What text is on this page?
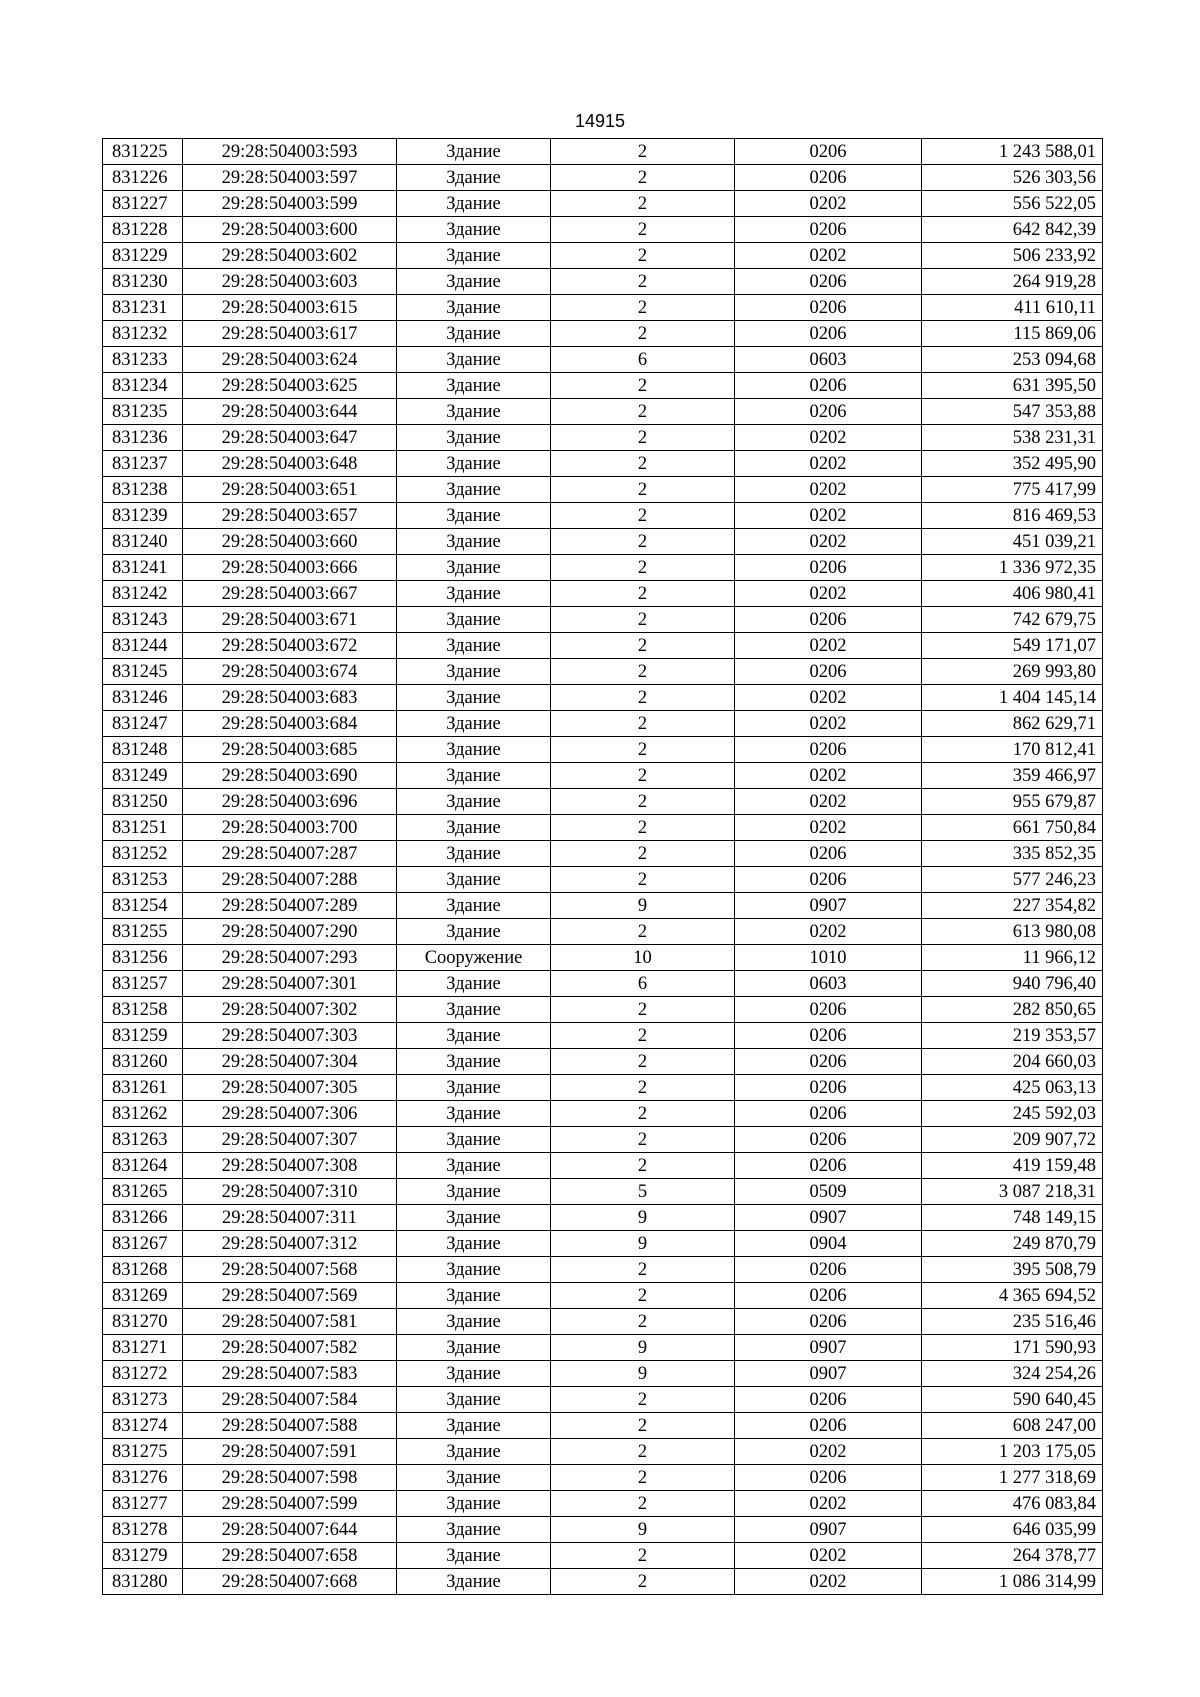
14915
831225	29:28:504003:593	Здание	2	0206	1 243 588,01
831226	29:28:504003:597	Здание	2	0206	526 303,56
831227	29:28:504003:599	Здание	2	0202	556 522,05
831228	29:28:504003:600	Здание	2	0206	642 842,39
831229	29:28:504003:602	Здание	2	0202	506 233,92
831230	29:28:504003:603	Здание	2	0206	264 919,28
831231	29:28:504003:615	Здание	2	0206	411 610,11
831232	29:28:504003:617	Здание	2	0206	115 869,06
831233	29:28:504003:624	Здание	6	0603	253 094,68
831234	29:28:504003:625	Здание	2	0206	631 395,50
831235	29:28:504003:644	Здание	2	0206	547 353,88
831236	29:28:504003:647	Здание	2	0202	538 231,31
831237	29:28:504003:648	Здание	2	0202	352 495,90
831238	29:28:504003:651	Здание	2	0202	775 417,99
831239	29:28:504003:657	Здание	2	0202	816 469,53
831240	29:28:504003:660	Здание	2	0202	451 039,21
831241	29:28:504003:666	Здание	2	0206	1 336 972,35
831242	29:28:504003:667	Здание	2	0202	406 980,41
831243	29:28:504003:671	Здание	2	0206	742 679,75
831244	29:28:504003:672	Здание	2	0202	549 171,07
831245	29:28:504003:674	Здание	2	0206	269 993,80
831246	29:28:504003:683	Здание	2	0202	1 404 145,14
831247	29:28:504003:684	Здание	2	0202	862 629,71
831248	29:28:504003:685	Здание	2	0206	170 812,41
831249	29:28:504003:690	Здание	2	0202	359 466,97
831250	29:28:504003:696	Здание	2	0202	955 679,87
831251	29:28:504003:700	Здание	2	0202	661 750,84
831252	29:28:504007:287	Здание	2	0206	335 852,35
831253	29:28:504007:288	Здание	2	0206	577 246,23
831254	29:28:504007:289	Здание	9	0907	227 354,82
831255	29:28:504007:290	Здание	2	0202	613 980,08
831256	29:28:504007:293	Сооружение	10	1010	11 966,12
831257	29:28:504007:301	Здание	6	0603	940 796,40
831258	29:28:504007:302	Здание	2	0206	282 850,65
831259	29:28:504007:303	Здание	2	0206	219 353,57
831260	29:28:504007:304	Здание	2	0206	204 660,03
831261	29:28:504007:305	Здание	2	0206	425 063,13
831262	29:28:504007:306	Здание	2	0206	245 592,03
831263	29:28:504007:307	Здание	2	0206	209 907,72
831264	29:28:504007:308	Здание	2	0206	419 159,48
831265	29:28:504007:310	Здание	5	0509	3 087 218,31
831266	29:28:504007:311	Здание	9	0907	748 149,15
831267	29:28:504007:312	Здание	9	0904	249 870,79
831268	29:28:504007:568	Здание	2	0206	395 508,79
831269	29:28:504007:569	Здание	2	0206	4 365 694,52
831270	29:28:504007:581	Здание	2	0206	235 516,46
831271	29:28:504007:582	Здание	9	0907	171 590,93
831272	29:28:504007:583	Здание	9	0907	324 254,26
831273	29:28:504007:584	Здание	2	0206	590 640,45
831274	29:28:504007:588	Здание	2	0206	608 247,00
831275	29:28:504007:591	Здание	2	0202	1 203 175,05
831276	29:28:504007:598	Здание	2	0206	1 277 318,69
831277	29:28:504007:599	Здание	2	0202	476 083,84
831278	29:28:504007:644	Здание	9	0907	646 035,99
831279	29:28:504007:658	Здание	2	0202	264 378,77
831280	29:28:504007:668	Здание	2	0202	1 086 314,99
